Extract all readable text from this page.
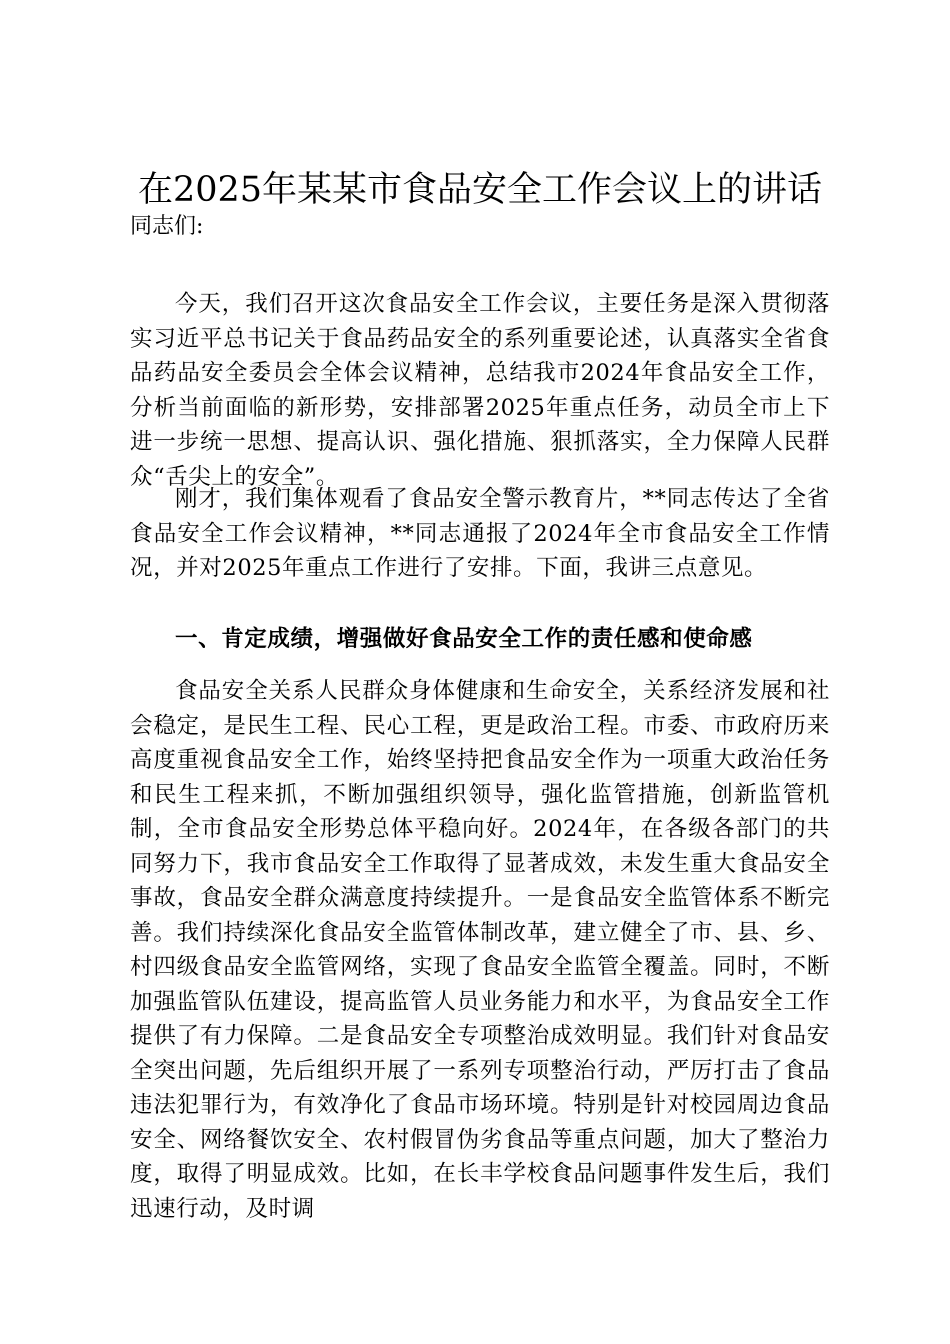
在2025年某某市食品安全工作会议上的讲话

同志们:

今天，我们召开这次食品安全工作会议，主要任务是深入贯彻落实习近平总书记关于食品药品安全的系列重要论述，认真落实全省食品药品安全委员会全体会议精神，总结我市2024年食品安全工作，分析当前面临的新形势，安排部署2025年重点任务，动员全市上下进一步统一思想、提高认识、强化措施、狠抓落实，全力保障人民群众“舌尖上的安全”。

刚才，我们集体观看了食品安全警示教育片，**同志传达了全省食品安全工作会议精神，**同志通报了2024年全市食品安全工作情况，并对2025年重点工作进行了安排。下面，我讲三点意见。

一、肯定成绩，增强做好食品安全工作的责任感和使命感

食品安全关系人民群众身体健康和生命安全，关系经济发展和社会稳定，是民生工程、民心工程，更是政治工程。市委、市政府历来高度重视食品安全工作，始终坚持把食品安全作为一项重大政治任务和民生工程来抓，不断加强组织领导，强化监管措施，创新监管机制，全市食品安全形势总体平稳向好。2024年，在各级各部门的共同努力下，我市食品安全工作取得了显著成效，未发生重大食品安全事故，食品安全群众满意度持续提升。一是食品安全监管体系不断完善。我们持续深化食品安全监管体制改革，建立健全了市、县、乡、村四级食品安全监管网络，实现了食品安全监管全覆盖。同时，不断加强监管队伍建设，提高监管人员业务能力和水平，为食品安全工作提供了有力保障。二是食品安全专项整治成效明显。我们针对食品安全突出问题，先后组织开展了一系列专项整治行动，严厉打击了食品违法犯罪行为，有效净化了食品市场环境。特别是针对校园周边食品安全、网络餐饮安全、农村假冒伪劣食品等重点问题，加大了整治力度，取得了明显成效。比如，在长丰学校食品问题事件发生后，我们迅速行动，及时调
